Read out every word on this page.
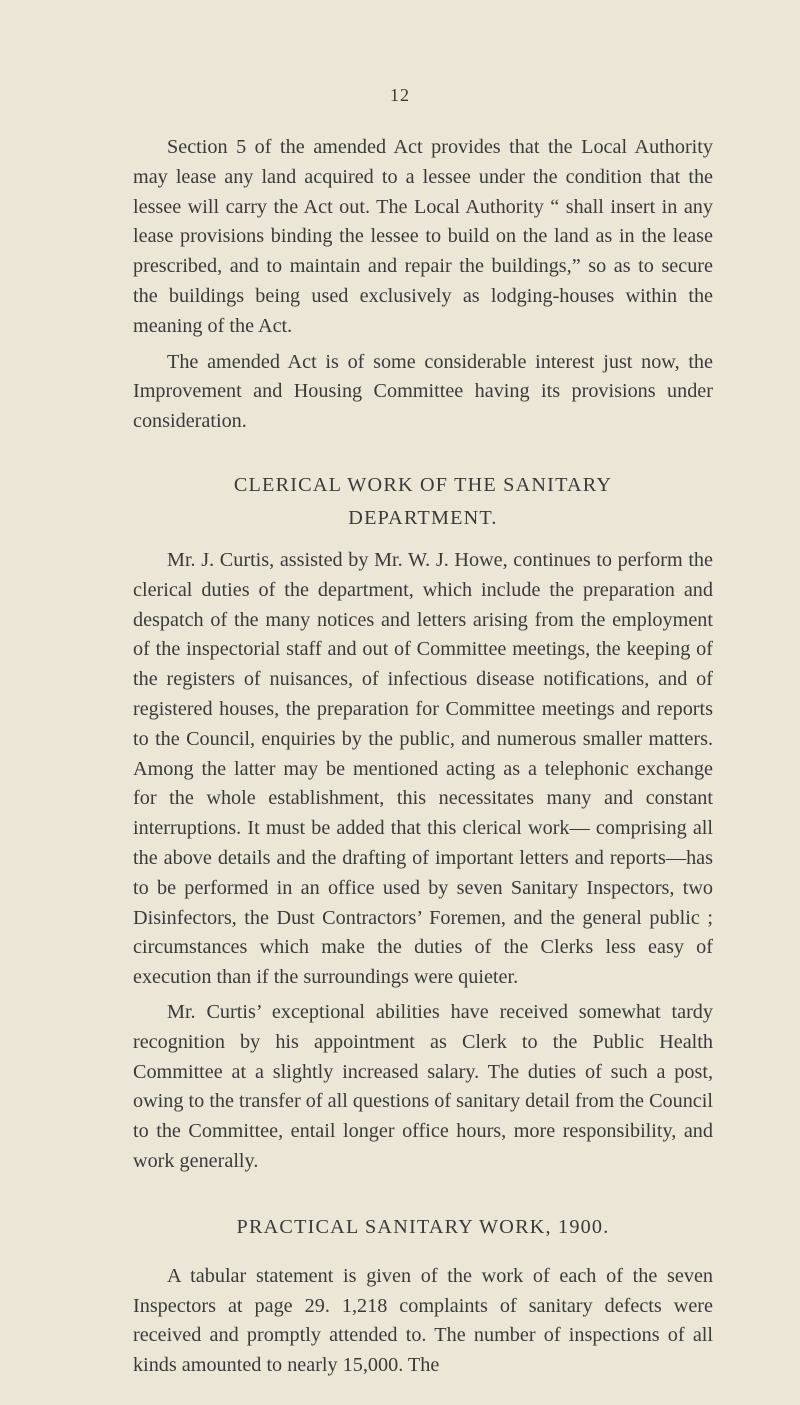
12

Section 5 of the amended Act provides that the Local Authority may lease any land acquired to a lessee under the condition that the lessee will carry the Act out. The Local Authority “ shall insert in any lease provisions binding the lessee to build on the land as in the lease prescribed, and to maintain and repair the buildings,” so as to secure the buildings being used exclusively as lodging-houses within the meaning of the Act.

The amended Act is of some considerable interest just now, the Improvement and Housing Committee having its provisions under consideration.

CLERICAL WORK OF THE SANITARY
DEPARTMENT.

Mr. J. Curtis, assisted by Mr. W. J. Howe, continues to perform the clerical duties of the department, which include the preparation and despatch of the many notices and letters arising from the employment of the inspectorial staff and out of Committee meetings, the keeping of the registers of nuisances, of infectious disease notifications, and of registered houses, the preparation for Committee meetings and reports to the Council, enquiries by the public, and numerous smaller matters. Among the latter may be mentioned acting as a telephonic exchange for the whole establishment, this necessitates many and constant interruptions. It must be added that this clerical work— comprising all the above details and the drafting of important letters and reports—has to be performed in an office used by seven Sanitary Inspectors, two Disinfectors, the Dust Contractors’ Foremen, and the general public ; circumstances which make the duties of the Clerks less easy of execution than if the surroundings were quieter.

Mr. Curtis’ exceptional abilities have received somewhat tardy recognition by his appointment as Clerk to the Public Health Committee at a slightly increased salary. The duties of such a post, owing to the transfer of all questions of sanitary detail from the Council to the Committee, entail longer office hours, more responsibility, and work generally.

PRACTICAL SANITARY WORK, 1900.

A tabular statement is given of the work of each of the seven Inspectors at page 29. 1,218 complaints of sanitary defects were received and promptly attended to. The number of inspections of all kinds amounted to nearly 15,000. The
